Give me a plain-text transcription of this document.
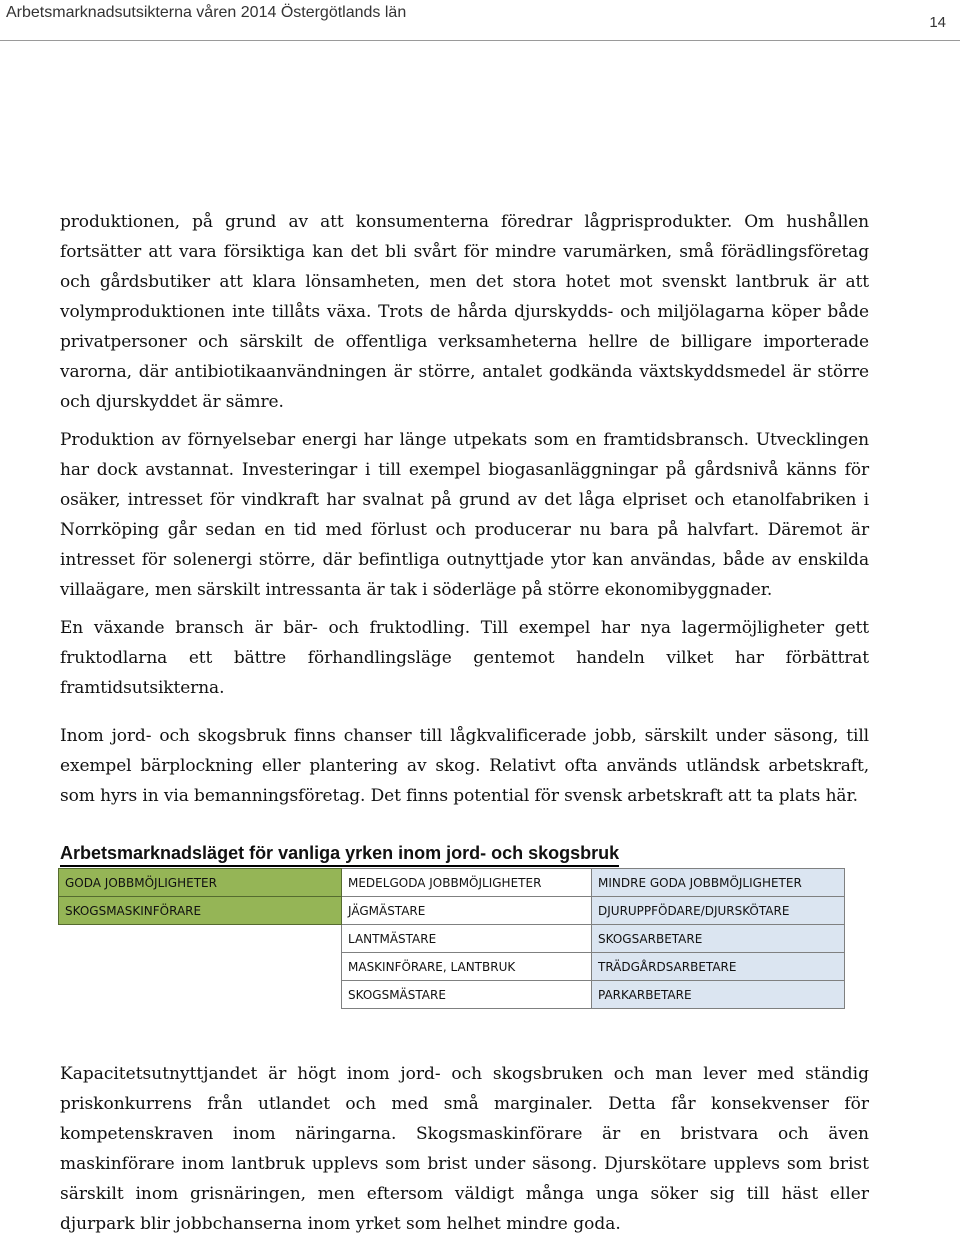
Arbetsmarknadsutsikterna våren 2014 Östergötlands län
14

produktionen, på grund av att konsumenterna föredrar lågprisprodukter. Om hushållen fortsätter att vara försiktiga kan det bli svårt för mindre varumärken, små förädlingsföretag och gårdsbutiker att klara lönsamheten, men det stora hotet mot svenskt lantbruk är att volymproduktionen inte tillåts växa. Trots de hårda djurskydds- och miljölagarna köper både privatpersoner och särskilt de offentliga verksamheterna hellre de billigare importerade varorna, där antibiotikaanvändningen är större, antalet godkända växtskyddsmedel är större och djurskyddet är sämre.

Produktion av förnyelsebar energi har länge utpekats som en framtidsbransch. Utvecklingen har dock avstannat. Investeringar i till exempel biogasanläggningar på gårdsnivå känns för osäker, intresset för vindkraft har svalnat på grund av det låga elpriset och etanolfabriken i Norrköping går sedan en tid med förlust och producerar nu bara på halvfart. Däremot är intresset för solenergi större, där befintliga outnyttjade ytor kan användas, både av enskilda villaägare, men särskilt intressanta är tak i söderläge på större ekonomibyggnader.

En växande bransch är bär- och fruktodling. Till exempel har nya lagermöjligheter gett fruktodlarna ett bättre förhandlingsläge gentemot handeln vilket har förbättrat framtidsutsikterna.

Inom jord- och skogsbruk finns chanser till lågkvalificerade jobb, särskilt under säsong, till exempel bärplockning eller plantering av skog. Relativt ofta används utländsk arbetskraft, som hyrs in via bemanningsföretag. Det finns potential för svensk arbetskraft att ta plats här.

Arbetsmarknadsläget för vanliga yrken inom jord- och skogsbruk
GODA JOBBMÖJLIGHETER	MEDELGODA JOBBMÖJLIGHETER	MINDRE GODA JOBBMÖJLIGHETER
SKOGSMASKINFÖRARE	JÄGMÄSTARE	DJURUPPFÖDARE/DJURSKÖTARE
	LANTMÄSTARE	SKOGSARBETARE
	MASKINFÖRARE, LANTBRUK	TRÄDGÅRDSARBETARE
	SKOGSMÄSTARE	PARKARBETARE

Kapacitetsutnyttjandet är högt inom jord- och skogsbruken och man lever med ständig priskonkurrens från utlandet och med små marginaler. Detta får konsekvenser för kompetenskraven inom näringarna. Skogsmaskinförare är en bristvara och även maskinförare inom lantbruk upplevs som brist under säsong. Djurskötare upplevs som brist särskilt inom grisnäringen, men eftersom väldigt många unga söker sig till häst eller djurpark blir jobbchanserna inom yrket som helhet mindre goda.
